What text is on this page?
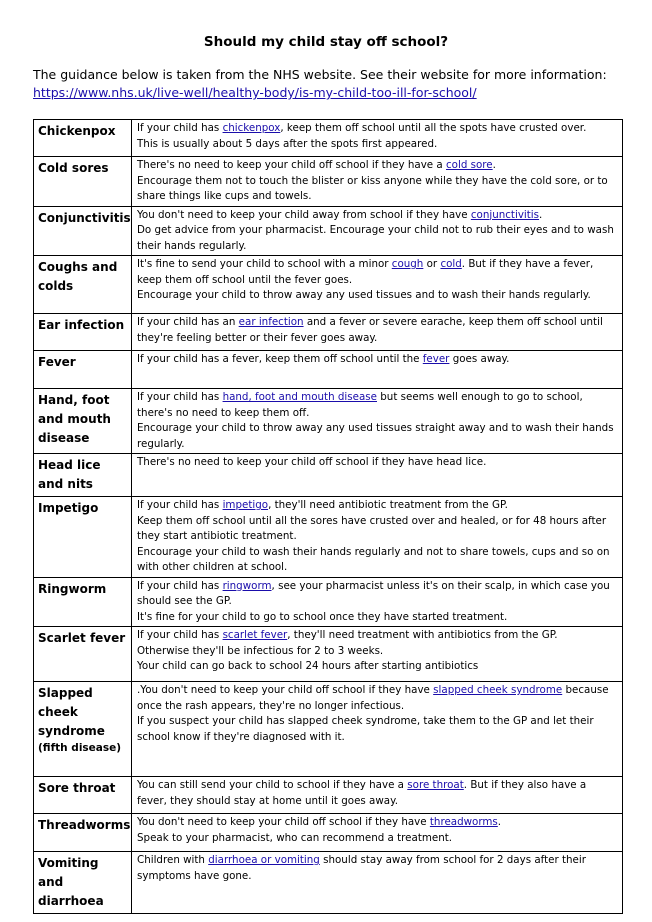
Should my child stay off school?
The guidance below is taken from the NHS website. See their website for more information:
https://www.nhs.uk/live-well/healthy-body/is-my-child-too-ill-for-school/
Chickenpox	If your child has chickenpox, keep them off school until all the spots have crusted over.
This is usually about 5 days after the spots first appeared.
Cold sores	There's no need to keep your child off school if they have a cold sore.
Encourage them not to touch the blister or kiss anyone while they have the cold sore, or to share things like cups and towels.
Conjunctivitis	You don't need to keep your child away from school if they have conjunctivitis.
Do get advice from your pharmacist. Encourage your child not to rub their eyes and to wash their hands regularly.
Coughs and colds	It's fine to send your child to school with a minor cough or cold. But if they have a fever, keep them off school until the fever goes.
Encourage your child to throw away any used tissues and to wash their hands regularly.
Ear infection	If your child has an ear infection and a fever or severe earache, keep them off school until they're feeling better or their fever goes away.
Fever	If your child has a fever, keep them off school until the fever goes away.
Hand, foot and mouth disease	If your child has hand, foot and mouth disease but seems well enough to go to school, there's no need to keep them off.
Encourage your child to throw away any used tissues straight away and to wash their hands regularly.
Head lice and nits	There's no need to keep your child off school if they have head lice.
Impetigo	If your child has impetigo, they'll need antibiotic treatment from the GP.
Keep them off school until all the sores have crusted over and healed, or for 48 hours after they start antibiotic treatment.
Encourage your child to wash their hands regularly and not to share towels, cups and so on with other children at school.
Ringworm	If your child has ringworm, see your pharmacist unless it's on their scalp, in which case you should see the GP.
It's fine for your child to go to school once they have started treatment.
Scarlet fever	If your child has scarlet fever, they'll need treatment with antibiotics from the GP.
Otherwise they'll be infectious for 2 to 3 weeks.
Your child can go back to school 24 hours after starting antibiotics
Slapped cheek syndrome
(fifth disease)	.You don't need to keep your child off school if they have slapped cheek syndrome because once the rash appears, they're no longer infectious.
If you suspect your child has slapped cheek syndrome, take them to the GP and let their school know if they're diagnosed with it.
Sore throat	You can still send your child to school if they have a sore throat. But if they also have a fever, they should stay at home until it goes away.
Threadworms	You don't need to keep your child off school if they have threadworms.
Speak to your pharmacist, who can recommend a treatment.
Vomiting and diarrhoea	Children with diarrhoea or vomiting should stay away from school for 2 days after their symptoms have gone.
